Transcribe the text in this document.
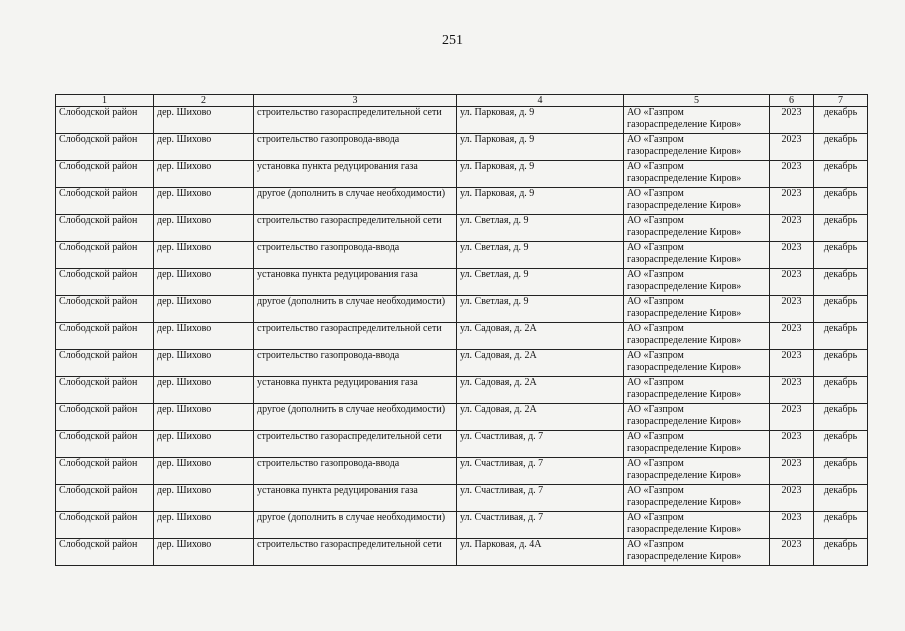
251
1	2	3	4	5	6	7
Слободской район	дер. Шихово	строительство газораспределительной сети	ул. Парковая, д. 9	АО «Газпром газораспределение Киров»	2023	декабрь
Слободской район	дер. Шихово	строительство газопровода-ввода	ул. Парковая, д. 9	АО «Газпром газораспределение Киров»	2023	декабрь
Слободской район	дер. Шихово	установка пункта редуцирования газа	ул. Парковая, д. 9	АО «Газпром газораспределение Киров»	2023	декабрь
Слободской район	дер. Шихово	другое (дополнить в случае необходимости)	ул. Парковая, д. 9	АО «Газпром газораспределение Киров»	2023	декабрь
Слободской район	дер. Шихово	строительство газораспределительной сети	ул. Светлая, д. 9	АО «Газпром газораспределение Киров»	2023	декабрь
Слободской район	дер. Шихово	строительство газопровода-ввода	ул. Светлая, д. 9	АО «Газпром газораспределение Киров»	2023	декабрь
Слободской район	дер. Шихово	установка пункта редуцирования газа	ул. Светлая, д. 9	АО «Газпром газораспределение Киров»	2023	декабрь
Слободской район	дер. Шихово	другое (дополнить в случае необходимости)	ул. Светлая, д. 9	АО «Газпром газораспределение Киров»	2023	декабрь
Слободской район	дер. Шихово	строительство газораспределительной сети	ул. Садовая, д. 2А	АО «Газпром газораспределение Киров»	2023	декабрь
Слободской район	дер. Шихово	строительство газопровода-ввода	ул. Садовая, д. 2А	АО «Газпром газораспределение Киров»	2023	декабрь
Слободской район	дер. Шихово	установка пункта редуцирования газа	ул. Садовая, д. 2А	АО «Газпром газораспределение Киров»	2023	декабрь
Слободской район	дер. Шихово	другое (дополнить в случае необходимости)	ул. Садовая, д. 2А	АО «Газпром газораспределение Киров»	2023	декабрь
Слободской район	дер. Шихово	строительство газораспределительной сети	ул. Счастливая, д. 7	АО «Газпром газораспределение Киров»	2023	декабрь
Слободской район	дер. Шихово	строительство газопровода-ввода	ул. Счастливая, д. 7	АО «Газпром газораспределение Киров»	2023	декабрь
Слободской район	дер. Шихово	установка пункта редуцирования газа	ул. Счастливая, д. 7	АО «Газпром газораспределение Киров»	2023	декабрь
Слободской район	дер. Шихово	другое (дополнить в случае необходимости)	ул. Счастливая, д. 7	АО «Газпром газораспределение Киров»	2023	декабрь
Слободской район	дер. Шихово	строительство газораспределительной сети	ул. Парковая, д. 4А	АО «Газпром газораспределение Киров»	2023	декабрь
